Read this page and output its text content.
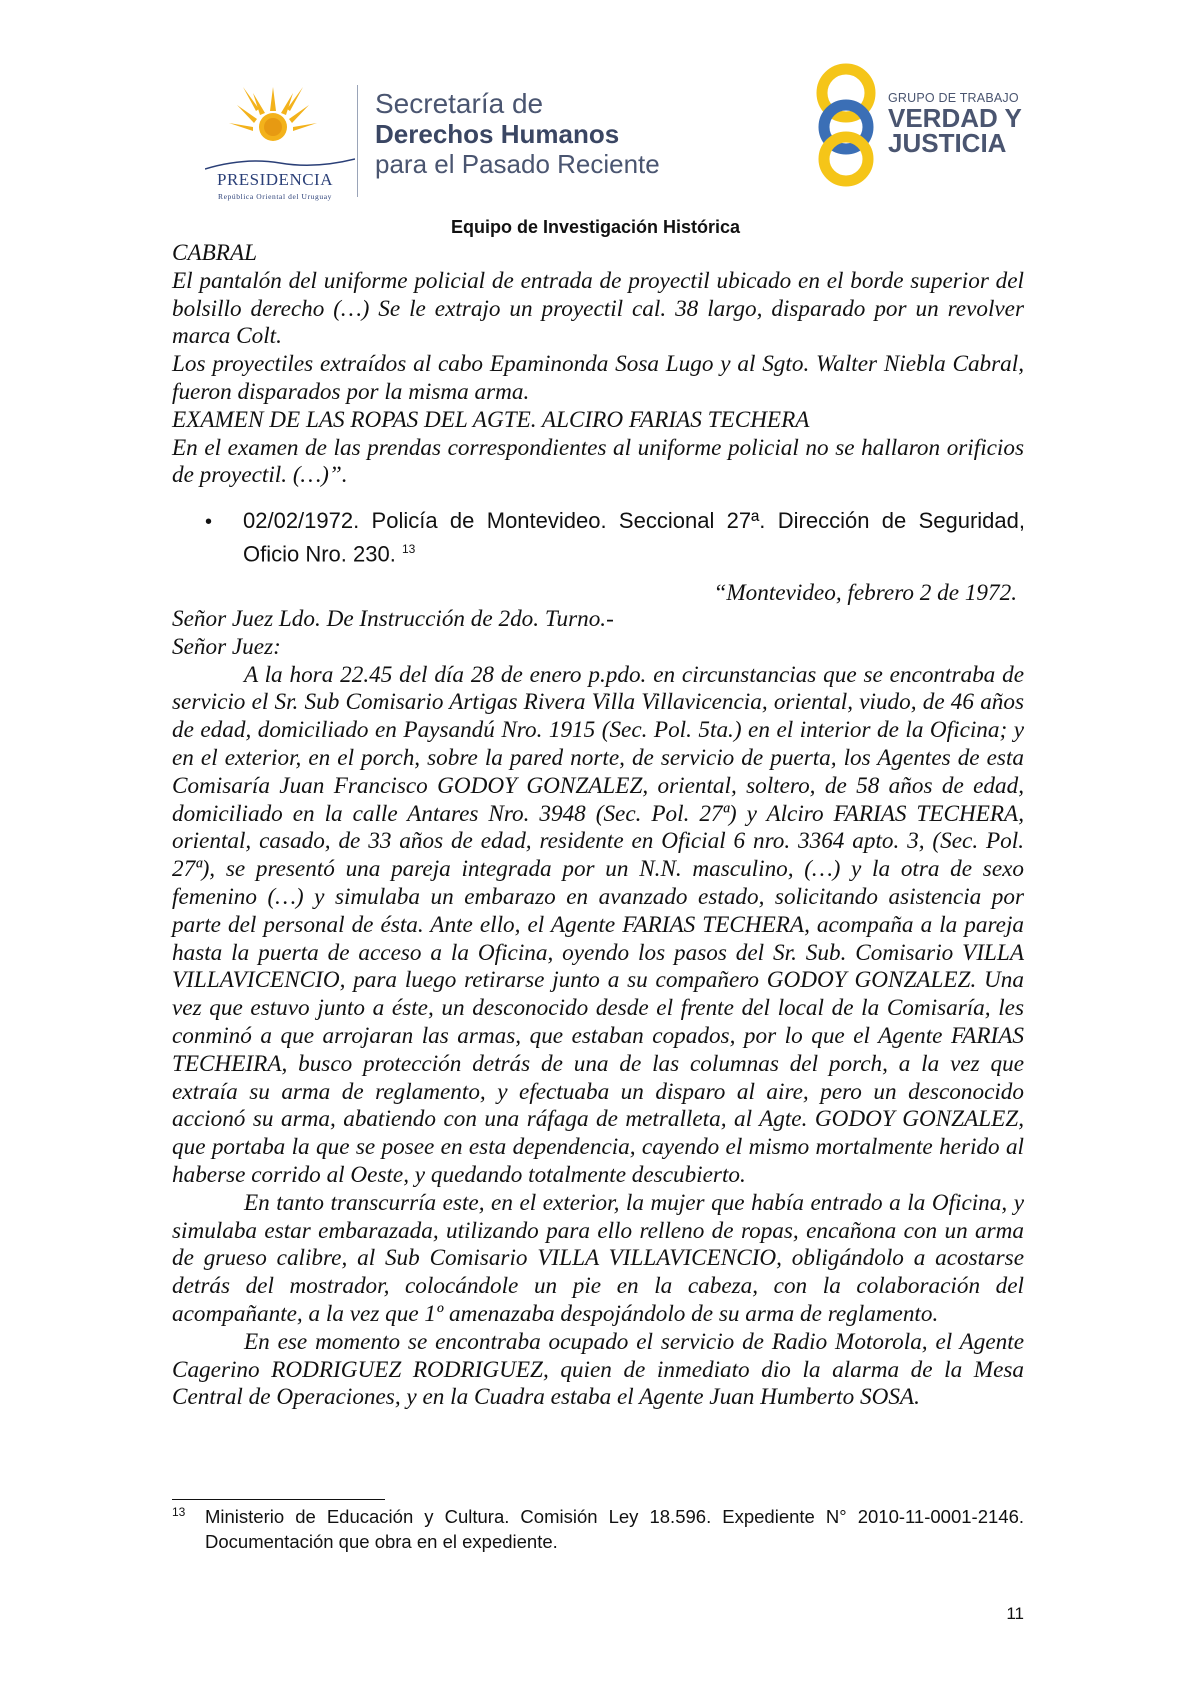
PRESIDENCIA
República Oriental del Uruguay
Secretaría de
Derechos Humanos
para el Pasado Reciente
GRUPO DE TRABAJO
VERDAD Y
JUSTICIA
Equipo de Investigación Histórica

CABRAL

El pantalón del uniforme policial de entrada de proyectil ubicado en el borde superior del bolsillo derecho (…) Se le extrajo un proyectil cal. 38 largo, disparado por un revolver marca Colt.

Los proyectiles extraídos al cabo Epaminonda Sosa Lugo y al Sgto. Walter Niebla Cabral, fueron disparados por la misma arma.

EXAMEN DE LAS ROPAS DEL AGTE. ALCIRO FARIAS TECHERA

En el examen de las prendas correspondientes al uniforme policial no se hallaron orificios de proyectil. (…)”.

• 02/02/1972. Policía de Montevideo. Seccional 27ª. Dirección de Seguridad, Oficio Nro. 230. $^{13}$
“Montevideo, febrero 2 de 1972.

Señor Juez Ldo. De Instrucción de 2do. Turno.-

Señor Juez:

A la hora 22.45 del día 28 de enero p.pdo. en circunstancias que se encontraba de servicio el Sr. Sub Comisario Artigas Rivera Villa Villavicencia, oriental, viudo, de 46 años de edad, domiciliado en Paysandú Nro. 1915 (Sec. Pol. 5ta.) en el interior de la Oficina; y en el exterior, en el porch, sobre la pared norte, de servicio de puerta, los Agentes de esta Comisaría Juan Francisco GODOY GONZALEZ, oriental, soltero, de 58 años de edad, domiciliado en la calle Antares Nro. 3948 (Sec. Pol. 27ª) y Alciro FARIAS TECHERA, oriental, casado, de 33 años de edad, residente en Oficial 6 nro. 3364 apto. 3, (Sec. Pol. 27ª), se presentó una pareja integrada por un N.N. masculino, (…) y la otra de sexo femenino (…) y simulaba un embarazo en avanzado estado, solicitando asistencia por parte del personal de ésta. Ante ello, el Agente FARIAS TECHERA, acompaña a la pareja hasta la puerta de acceso a la Oficina, oyendo los pasos del Sr. Sub. Comisario VILLA VILLAVICENCIO, para luego retirarse junto a su compañero GODOY GONZALEZ. Una vez que estuvo junto a éste, un desconocido desde el frente del local de la Comisaría, les conminó a que arrojaran las armas, que estaban copados, por lo que el Agente FARIAS TECHEIRA, busco protección detrás de una de las columnas del porch, a la vez que extraía su arma de reglamento, y efectuaba un disparo al aire, pero un desconocido accionó su arma, abatiendo con una ráfaga de metralleta, al Agte. GODOY GONZALEZ, que portaba la que se posee en esta dependencia, cayendo el mismo mortalmente herido al haberse corrido al Oeste, y quedando totalmente descubierto.

En tanto transcurría este, en el exterior, la mujer que había entrado a la Oficina, y simulaba estar embarazada, utilizando para ello relleno de ropas, encañona con un arma de grueso calibre, al Sub Comisario VILLA VILLAVICENCIO, obligándolo a acostarse detrás del mostrador, colocándole un pie en la cabeza, con la colaboración del acompañante, a la vez que 1º amenazaba despojándolo de su arma de reglamento.

En ese momento se encontraba ocupado el servicio de Radio Motorola, el Agente Cagerino RODRIGUEZ RODRIGUEZ, quien de inmediato dio la alarma de la Mesa Central de Operaciones, y en la Cuadra estaba el Agente Juan Humberto SOSA.

13 Ministerio de Educación y Cultura. Comisión Ley 18.596. Expediente N° 2010-11-0001-2146. Documentación que obra en el expediente.
11
